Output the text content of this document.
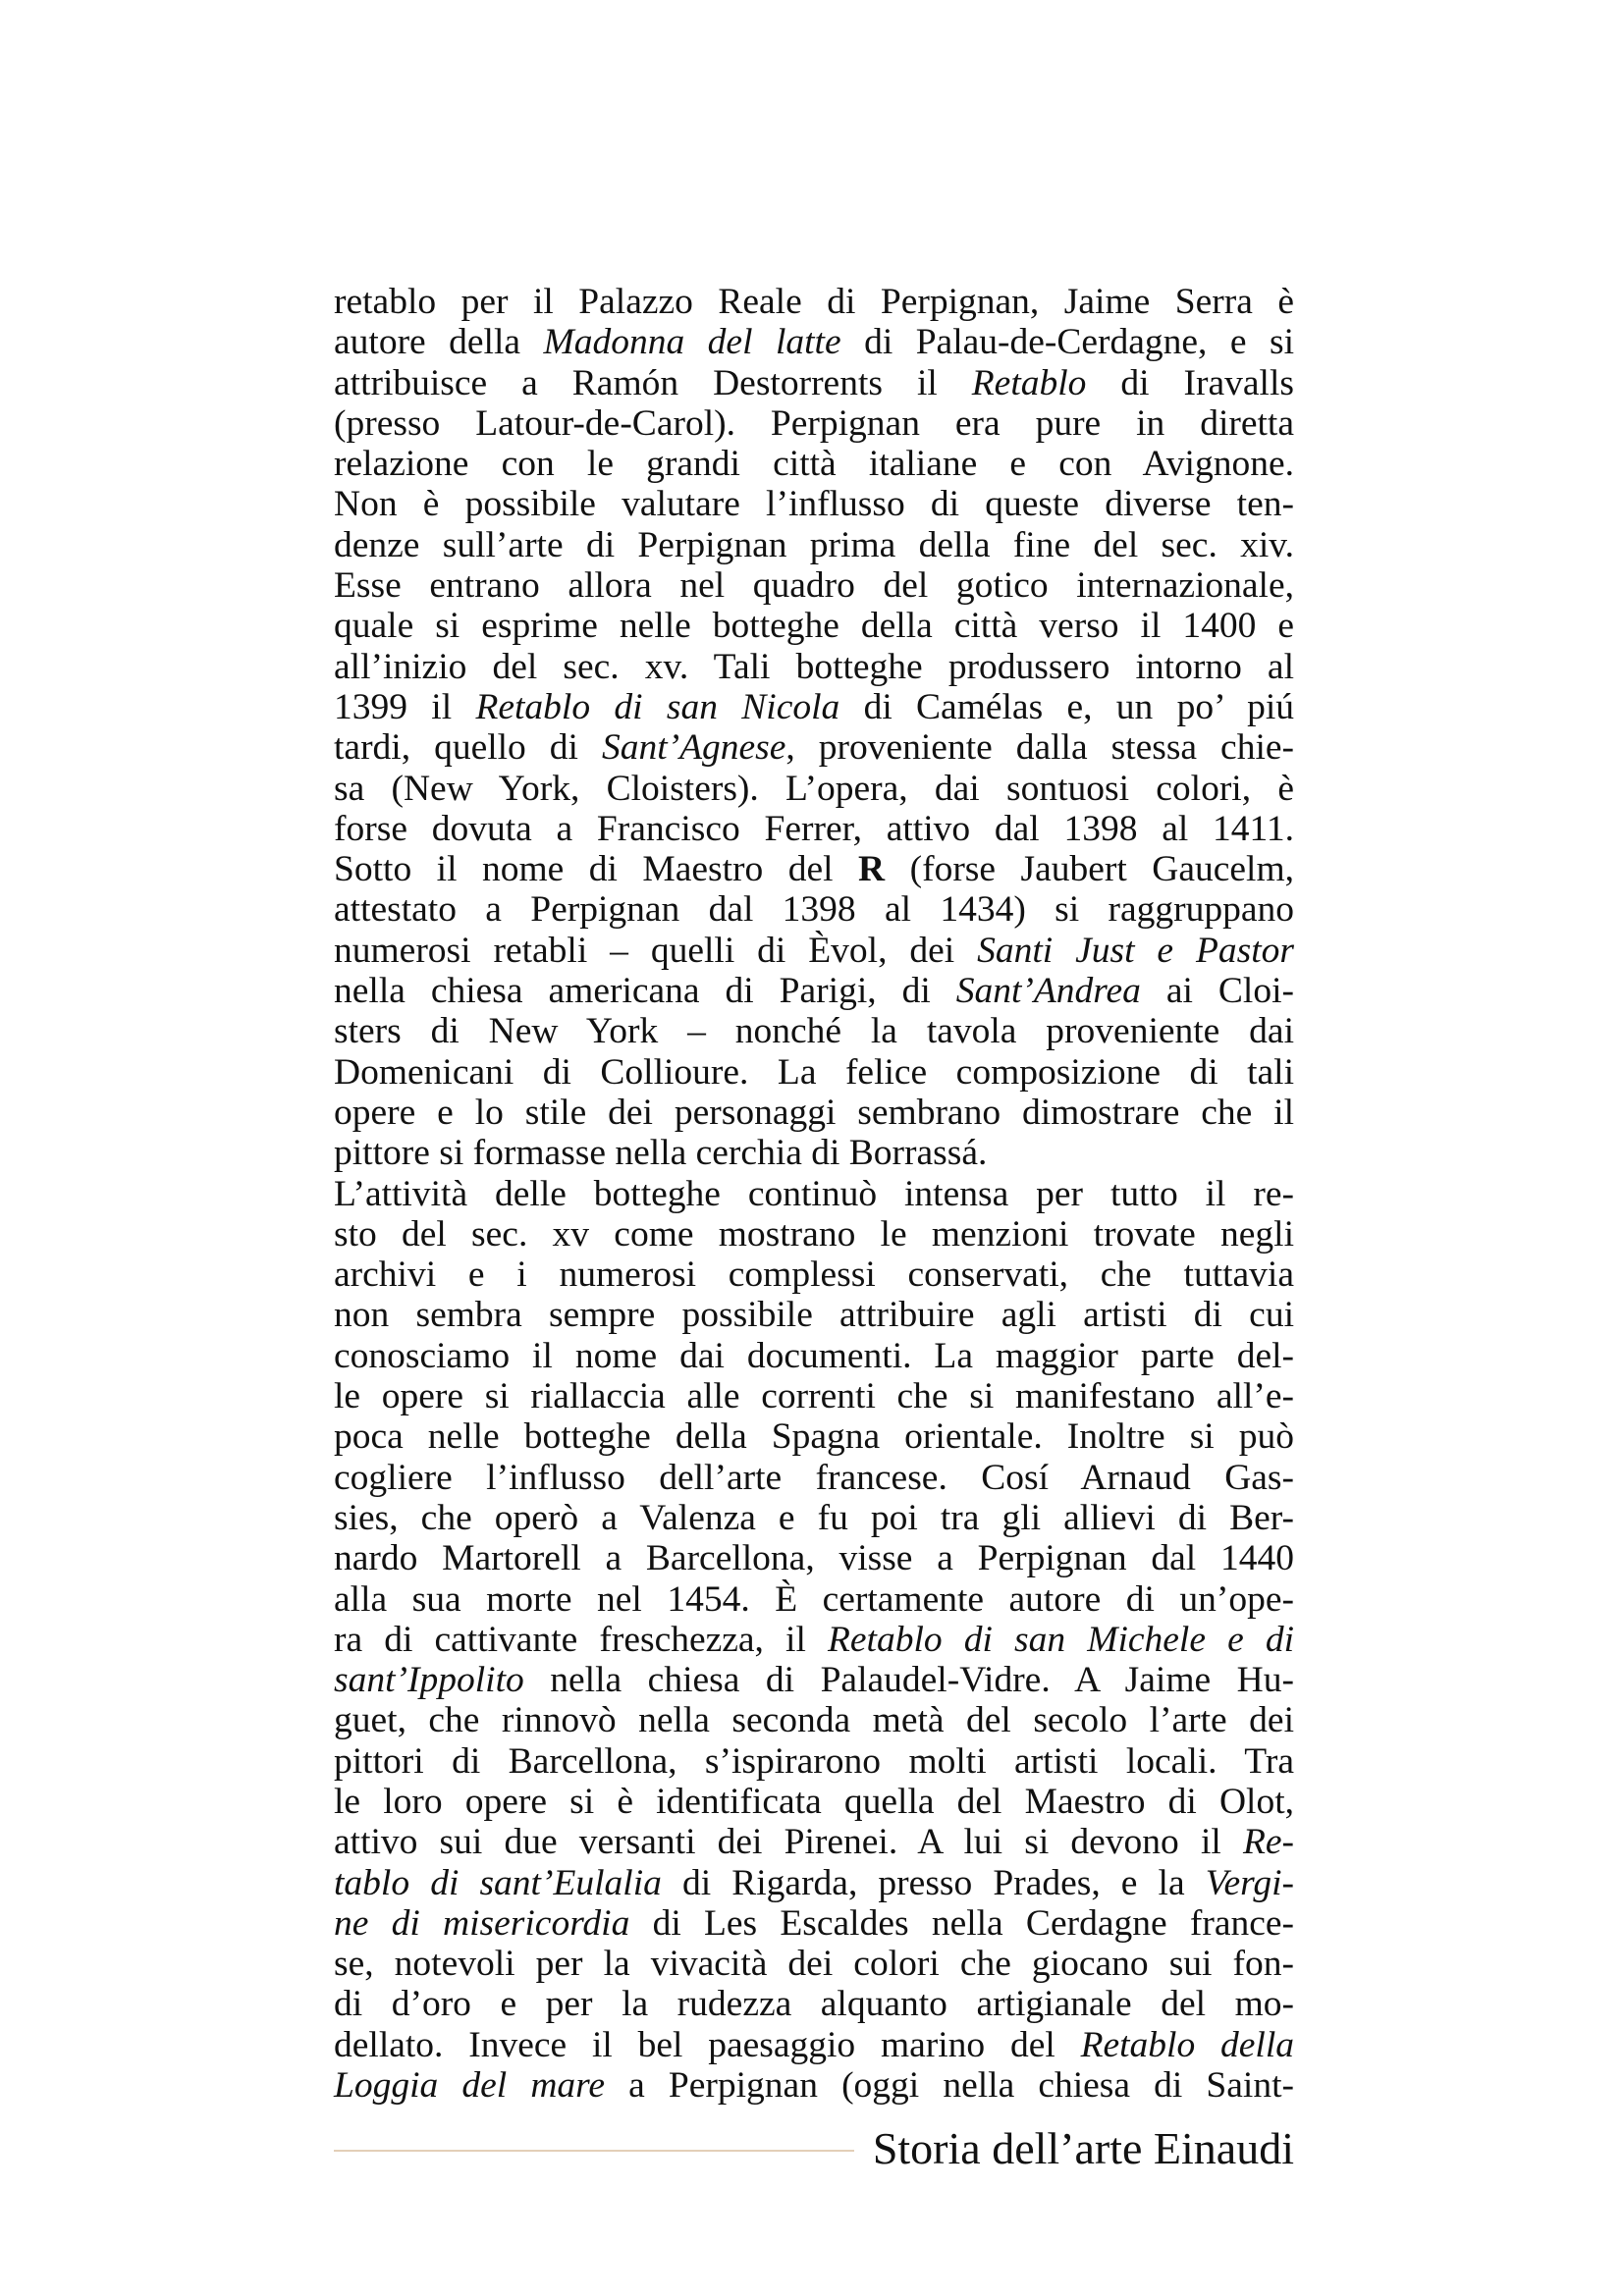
retablo per il Palazzo Reale di Perpignan, Jaime Serra è
autore della Madonna del latte di Palau-de-Cerdagne, e si
attribuisce a Ramón Destorrents il Retablo di Iravalls
(presso Latour-de-Carol). Perpignan era pure in diretta
relazione con le grandi città italiane e con Avignone.
Non è possibile valutare l’influsso di queste diverse ten-
denze sull’arte di Perpignan prima della fine del sec. xiv.
Esse entrano allora nel quadro del gotico internazionale,
quale si esprime nelle botteghe della città verso il 1400 e
all’inizio del sec. xv. Tali botteghe produssero intorno al
1399 il Retablo di san Nicola di Camélas e, un po’ piú
tardi, quello di Sant’Agnese, proveniente dalla stessa chie-
sa (New York, Cloisters). L’opera, dai sontuosi colori, è
forse dovuta a Francisco Ferrer, attivo dal 1398 al 1411.
Sotto il nome di Maestro del R (forse Jaubert Gaucelm,
attestato a Perpignan dal 1398 al 1434) si raggruppano
numerosi retabli – quelli di Èvol, dei Santi Just e Pastor
nella chiesa americana di Parigi, di Sant’Andrea ai Cloi-
sters di New York – nonché la tavola proveniente dai
Domenicani di Collioure. La felice composizione di tali
opere e lo stile dei personaggi sembrano dimostrare che il
pittore si formasse nella cerchia di Borrassá.
L’attività delle botteghe continuò intensa per tutto il re-
sto del sec. xv come mostrano le menzioni trovate negli
archivi e i numerosi complessi conservati, che tuttavia
non sembra sempre possibile attribuire agli artisti di cui
conosciamo il nome dai documenti. La maggior parte del-
le opere si riallaccia alle correnti che si manifestano all’e-
poca nelle botteghe della Spagna orientale. Inoltre si può
cogliere l’influsso dell’arte francese. Cosí Arnaud Gas-
sies, che operò a Valenza e fu poi tra gli allievi di Ber-
nardo Martorell a Barcellona, visse a Perpignan dal 1440
alla sua morte nel 1454. È certamente autore di un’ope-
ra di cattivante freschezza, il Retablo di san Michele e di
sant’Ippolito nella chiesa di Palaudel-Vidre. A Jaime Hu-
guet, che rinnovò nella seconda metà del secolo l’arte dei
pittori di Barcellona, s’ispirarono molti artisti locali. Tra
le loro opere si è identificata quella del Maestro di Olot,
attivo sui due versanti dei Pirenei. A lui si devono il Re-
tablo di sant’Eulalia di Rigarda, presso Prades, e la Vergi-
ne di misericordia di Les Escaldes nella Cerdagne france-
se, notevoli per la vivacità dei colori che giocano sui fon-
di d’oro e per la rudezza alquanto artigianale del mo-
dellato. Invece il bel paesaggio marino del Retablo della
Loggia del mare a Perpignan (oggi nella chiesa di Saint-
Storia dell’arte Einaudi
